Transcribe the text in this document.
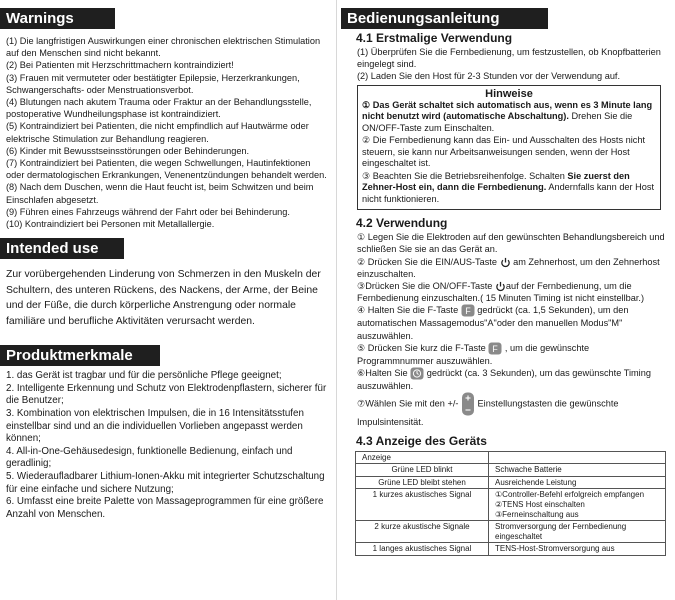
Warnings

(1) Die langfristigen Auswirkungen einer chronischen elektrischen Stimulation auf den Menschen sind nicht bekannt.

(2) Bei Patienten mit Herzschrittmachern kontraindiziert!

(3) Frauen mit vermuteter oder bestätigter Epilepsie, Herzerkrankungen, Schwangerschafts- oder Menstruationsverbot.

(4) Blutungen nach akutem Trauma oder Fraktur an der Behandlungsstelle, postoperative Wundheilungsphase ist kontraindiziert.

(5) Kontraindiziert bei Patienten, die nicht empfindlich auf Hautwärme oder elektrische Stimulation zur Behandlung reagieren.

(6) Kinder mit Bewusstseinsstörungen oder Behinderungen.

(7) Kontraindiziert bei Patienten, die wegen Schwellungen, Hautinfektionen oder dermatologischen Erkrankungen, Venenentzündungen behandelt werden.

(8) Nach dem Duschen, wenn die Haut feucht ist, beim Schwitzen und beim Einschlafen abgesetzt.

(9) Führen eines Fahrzeugs während der Fahrt oder bei Behinderung.

(10) Kontraindiziert bei Personen mit Metallallergie.

Intended use
Zur vorübergehenden Linderung von Schmerzen in den Muskeln der Schultern, des unteren Rückens, des Nackens, der Arme, der Beine und der Füße, die durch körperliche Anstrengung oder normale familiäre und berufliche Aktivitäten verursacht werden.
Produktmerkmale

1. das Gerät ist tragbar und für die persönliche Pflege geeignet;

2. Intelligente Erkennung und Schutz von Elektrodenpflastern, sicherer für die Benutzer;

3. Kombination von elektrischen Impulsen, die in 16 Intensitätsstufen einstellbar sind und an die individuellen Vorlieben angepasst werden können;

4. All-in-One-Gehäusedesign, funktionelle Bedienung, einfach und geradlinig;

5. Wiederaufladbarer Lithium-Ionen-Akku mit integrierter Schutzschaltung für eine einfache und sichere Nutzung;

6. Umfasst eine breite Palette von Massageprogrammen für eine größere Anzahl von Menschen.

Bedienungsanleitung
4.1 Erstmalige Verwendung

(1) Überprüfen Sie die Fernbedienung, um festzustellen, ob Knopfbatterien eingelegt sind.

(2) Laden Sie den Host für 2-3 Stunden vor der Verwendung auf.

Hinweise

① Das Gerät schaltet sich automatisch aus, wenn es 3 Minute lang nicht benutzt wird (automatische Abschaltung). Drehen Sie die ON/OFF-Taste zum Einschalten.

② Die Fernbedienung kann das Ein- und Ausschalten des Hosts nicht steuern, sie kann nur Arbeitsanweisungen senden, wenn der Host eingeschaltet ist.

③ Beachten Sie die Betriebsreihenfolge. Schalten Sie zuerst den Zehner-Host ein, dann die Fernbedienung. Andernfalls kann der Host nicht funktionieren.

4.2 Verwendung

① Legen Sie die Elektroden auf den gewünschten Behandlungsbereich und schließen Sie sie an das Gerät an.

② Drücken Sie die EIN/AUS-Taste  am Zehnerhost, um den Zehnerhost einzuschalten.

③Drücken Sie die ON/OFF-Taste auf der Fernbedienung, um die Fernbedienung einzuschalten.( 15 Minuten Timing ist nicht einstellbar.)

④ Halten Sie die F-Taste F gedrückt (ca. 1,5 Sekunden), um den automatischen Massagemodus"A"oder den manuellen Modus"M" auszuwählen.

⑤ Drücken Sie kurz die F-Taste F , um die gewünschte Programmnummer auszuwählen.

⑥Halten Sie  gedrückt (ca. 3 Sekunden), um das gewünschte Timing auszuwählen.

⑦Wählen Sie mit den +/-  Einstellungstasten die gewünschte Impulsintensität.

4.3 Anzeige des Geräts
Anzeige	
Grüne LED blinkt	Schwache Batterie
Grüne LED bleibt stehen	Ausreichende Leistung
1 kurzes akustisches Signal	①Controller-Befehl erfolgreich empfangen
②TENS Host einschalten
③Ferneinschaltung aus
2 kurze akustische Signale	Stromversorgung der Fernbedienung eingeschaltet
1 langes akustisches Signal	TENS-Host-Stromversorgung aus
